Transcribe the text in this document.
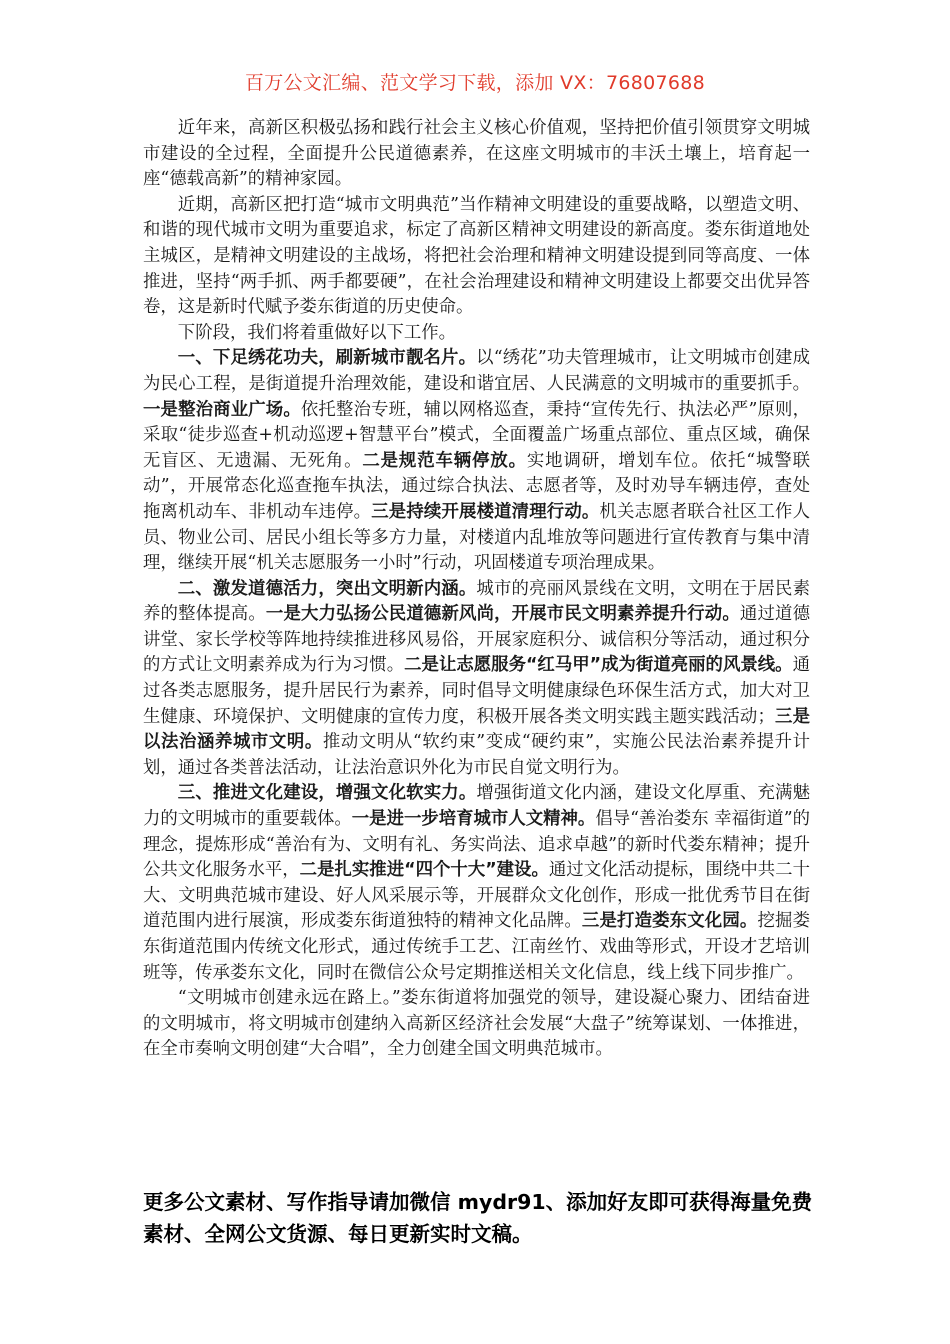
百万公文汇编、范文学习下载，添加 VX：76807688

近年来，高新区积极弘扬和践行社会主义核心价值观，坚持把价值引领贯穿文明城市建设的全过程，全面提升公民道德素养，在这座文明城市的丰沃土壤上，培育起一座“德载高新”的精神家园。

近期，高新区把打造“城市文明典范”当作精神文明建设的重要战略，以塑造文明、和谐的现代城市文明为重要追求，标定了高新区精神文明建设的新高度。娄东街道地处主城区，是精神文明建设的主战场，将把社会治理和精神文明建设提到同等高度、一体推进，坚持“两手抓、两手都要硬”，在社会治理建设和精神文明建设上都要交出优异答卷，这是新时代赋予娄东街道的历史使命。

下阶段，我们将着重做好以下工作。

一、下足绣花功夫，刷新城市靓名片。以“绣花”功夫管理城市，让文明城市创建成为民心工程，是街道提升治理效能，建设和谐宜居、人民满意的文明城市的重要抓手。一是整治商业广场。依托整治专班，辅以网格巡查，秉持“宣传先行、执法必严”原则，采取“徒步巡查+机动巡逻+智慧平台”模式，全面覆盖广场重点部位、重点区域，确保无盲区、无遗漏、无死角。二是规范车辆停放。实地调研，增划车位。依托“城警联动”，开展常态化巡查拖车执法，通过综合执法、志愿者等，及时劝导车辆违停，查处拖离机动车、非机动车违停。三是持续开展楼道清理行动。机关志愿者联合社区工作人员、物业公司、居民小组长等多方力量，对楼道内乱堆放等问题进行宣传教育与集中清理，继续开展“机关志愿服务一小时”行动，巩固楼道专项治理成果。

二、激发道德活力，突出文明新内涵。城市的亮丽风景线在文明，文明在于居民素养的整体提高。一是大力弘扬公民道德新风尚，开展市民文明素养提升行动。通过道德讲堂、家长学校等阵地持续推进移风易俗，开展家庭积分、诚信积分等活动，通过积分的方式让文明素养成为行为习惯。二是让志愿服务“红马甲”成为街道亮丽的风景线。通过各类志愿服务，提升居民行为素养，同时倡导文明健康绿色环保生活方式，加大对卫生健康、环境保护、文明健康的宣传力度，积极开展各类文明实践主题实践活动；三是以法治涵养城市文明。推动文明从“软约束”变成“硬约束”，实施公民法治素养提升计划，通过各类普法活动，让法治意识外化为市民自觉文明行为。

三、推进文化建设，增强文化软实力。增强街道文化内涵，建设文化厚重、充满魅力的文明城市的重要载体。一是进一步培育城市人文精神。倡导“善治娄东 幸福街道”的理念，提炼形成“善治有为、文明有礼、务实尚法、追求卓越”的新时代娄东精神；提升公共文化服务水平，二是扎实推进“四个十大”建设。通过文化活动提标，围绕中共二十大、文明典范城市建设、好人风采展示等，开展群众文化创作，形成一批优秀节目在街道范围内进行展演，形成娄东街道独特的精神文化品牌。三是打造娄东文化园。挖掘娄东街道范围内传统文化形式，通过传统手工艺、江南丝竹、戏曲等形式，开设才艺培训班等，传承娄东文化，同时在微信公众号定期推送相关文化信息，线上线下同步推广。

“文明城市创建永远在路上。”娄东街道将加强党的领导，建设凝心聚力、团结奋进的文明城市，将文明城市创建纳入高新区经济社会发展“大盘子”统筹谋划、一体推进，在全市奏响文明创建“大合唱”，全力创建全国文明典范城市。

更多公文素材、写作指导请加微信 mydr91、添加好友即可获得海量免费素材、全网公文货源、每日更新实时文稿。
